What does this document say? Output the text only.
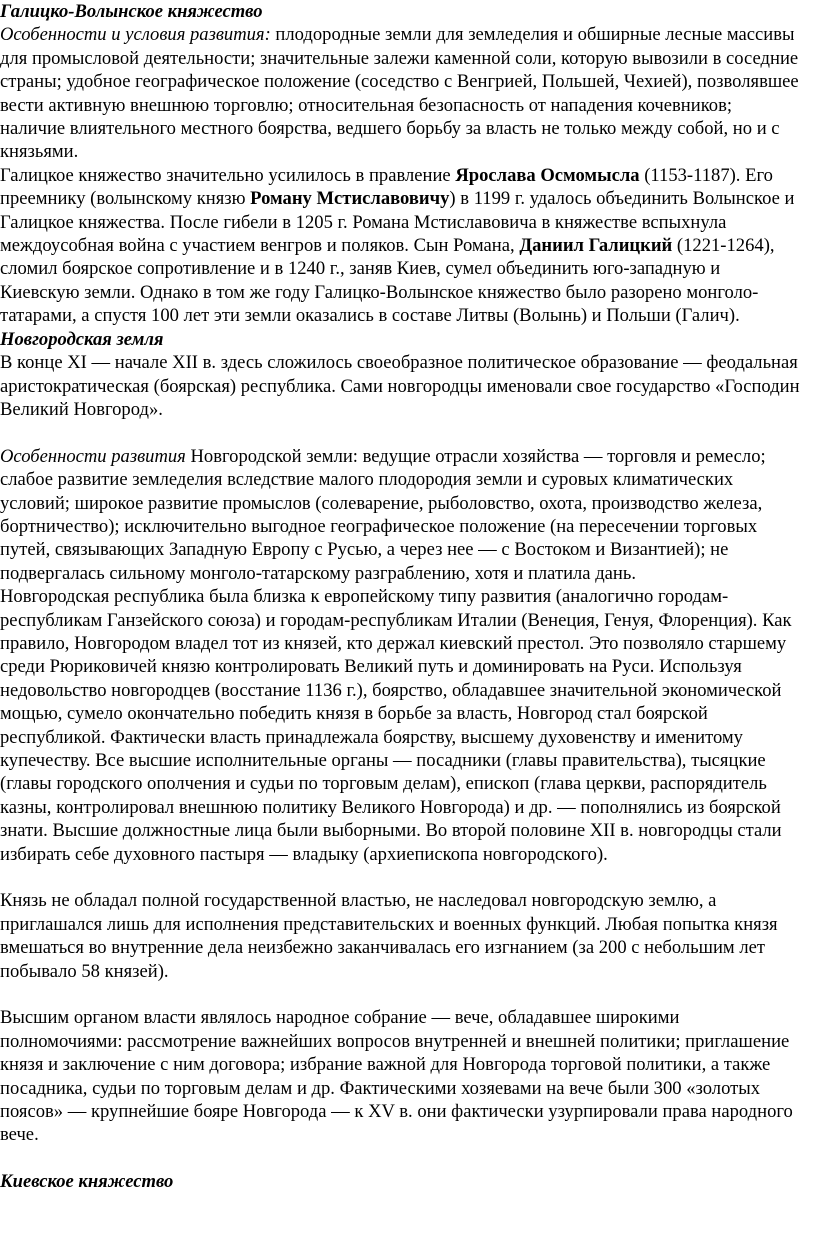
Галицко-Волынское княжество
Особенности и условия развития: плодородные земли для земледелия и обширные лесные массивы для промысловой деятельности; значительные залежи каменной соли, которую вывозили в соседние страны; удобное географическое положение (соседство с Венгрией, Польшей, Чехией), позволявшее вести активную внешнюю торговлю; относительная безопасность от нападения кочевников; наличие влиятельного местного боярства, ведшего борьбу за власть не только между собой, но и с князьями.
Галицкое княжество значительно усилилось в правление Ярослава Осмомысла (1153-1187). Его преемнику (волынскому князю Роману Мстиславовичу) в 1199 г. удалось объединить Волынское и Галицкое княжества. После гибели в 1205 г. Романа Мстиславовича в княжестве вспыхнула междоусобная война с участием венгров и поляков. Сын Романа, Даниил Галицкий (1221-1264), сломил боярское сопротивление и в 1240 г., заняв Киев, сумел объединить юго-западную и Киевскую земли. Однако в том же году Галицко-Волынское княжество было разорено монголо-татарами, а спустя 100 лет эти земли оказались в составе Литвы (Волынь) и Польши (Галич).
Новгородская земля
В конце XI — начале XII в. здесь сложилось своеобразное политическое образование — феодальная аристократическая (боярская) республика. Сами новгородцы именовали свое государство «Господин Великий Новгород».
Особенности развития Новгородской земли: ведущие отрасли хозяйства — торговля и ремесло; слабое развитие земледелия вследствие малого плодородия земли и суровых климатических условий; широкое развитие промыслов (солеварение, рыболовство, охота, производство железа, бортничество); исключительно выгодное географическое положение (на пересечении торговых путей, связывающих Западную Европу с Русью, а через нее — с Востоком и Византией); не подвергалась сильному монголо-татарскому разграблению, хотя и платила дань.
Новгородская республика была близка к европейскому типу развития (аналогично городам-республикам Ганзейского союза) и городам-республикам Италии (Венеция, Генуя, Флоренция). Как правило, Новгородом владел тот из князей, кто держал киевский престол. Это позволяло старшему среди Рюриковичей князю контролировать Великий путь и доминировать на Руси. Используя недовольство новгородцев (восстание 1136 г.), боярство, обладавшее значительной экономической мощью, сумело окончательно победить князя в борьбе за власть, Новгород стал боярской республикой. Фактически власть принадлежала боярству, высшему духовенству и именитому купечеству. Все высшие исполнительные органы — посадники (главы правительства), тысяцкие (главы городского ополчения и судьи по торговым делам), епископ (глава церкви, распорядитель казны, контролировал внешнюю политику Великого Новгорода) и др. — пополнялись из боярской знати. Высшие должностные лица были выборными. Во второй половине XII в. новгородцы стали избирать себе духовного пастыря — владыку (архиепископа новгородского).
Князь не обладал полной государственной властью, не наследовал новгородскую землю, а приглашался лишь для исполнения представительских и военных функций. Любая попытка князя вмешаться во внутренние дела неизбежно заканчивалась его изгнанием (за 200 с небольшим лет побывало 58 князей).
Высшим органом власти являлось народное собрание — вече, обладавшее широкими полномочиями: рассмотрение важнейших вопросов внутренней и внешней политики; приглашение князя и заключение с ним договора; избрание важной для Новгорода торговой политики, а также посадника, судьи по торговым делам и др. Фактическими хозяевами на вече были 300 «золотых поясов» — крупнейшие бояре Новгорода — к XV в. они фактически узурпировали права народного вече.
Киевское княжество
